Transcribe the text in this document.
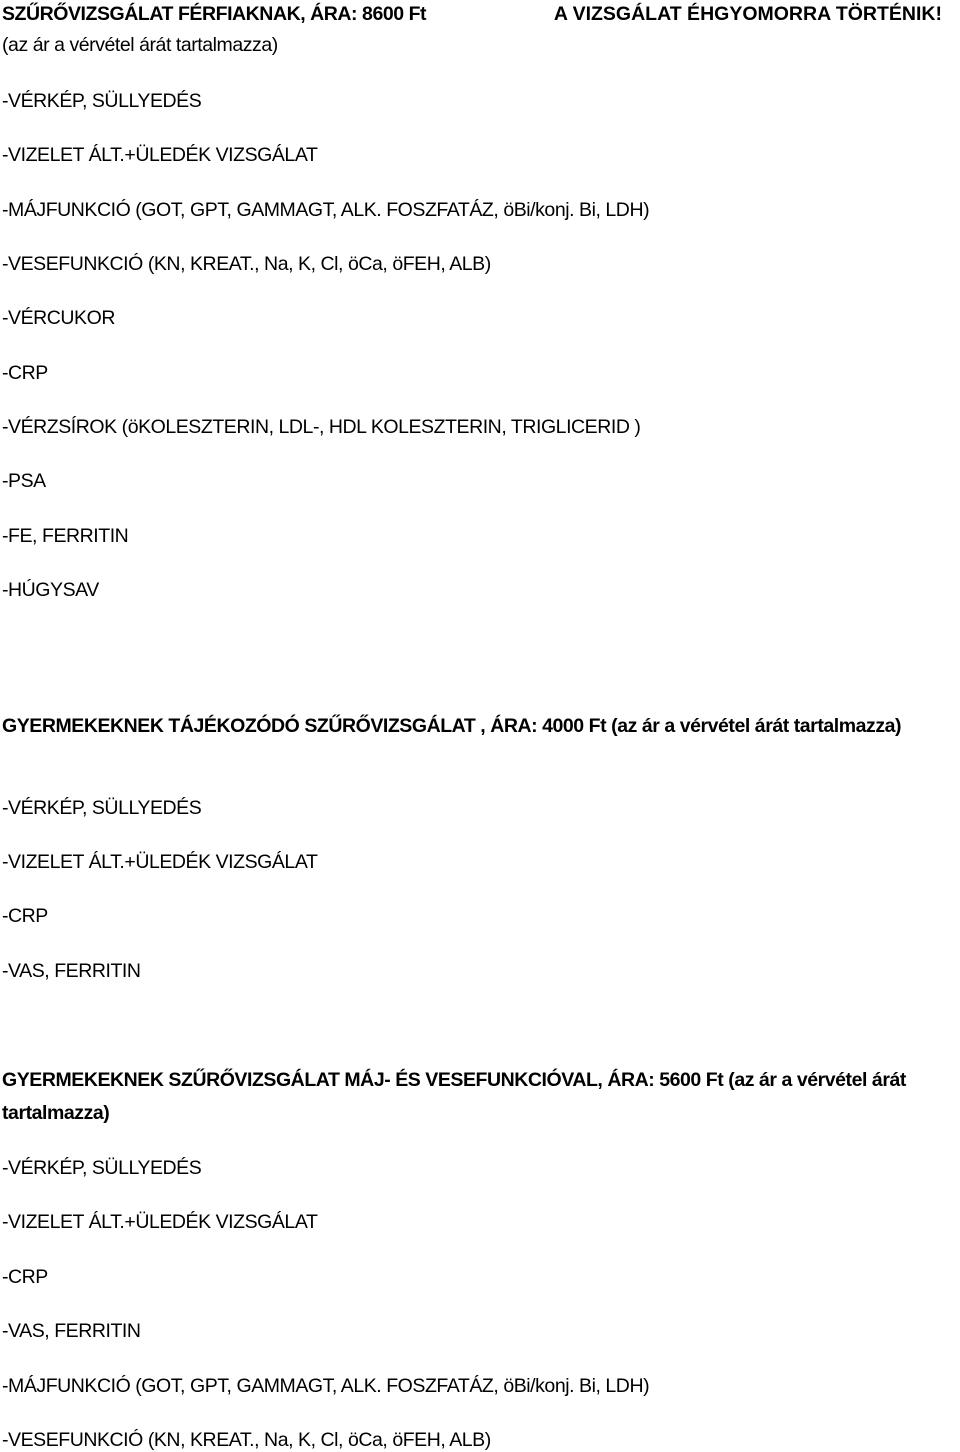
SZŰRŐVIZSGÁLAT FÉRFIAKNAK, ÁRA: 8600 Ft	A VIZSGÁLAT ÉHGYOMORRA TÖRTÉNIK!

(az ár a vérvétel árát tartalmazza)

-VÉRKÉP, SÜLLYEDÉS

-VIZELET ÁLT.+ÜLEDÉK VIZSGÁLAT

-MÁJFUNKCIÓ (GOT, GPT, GAMMAGT, ALK. FOSZFATÁZ, öBi/konj. Bi, LDH)

-VESEFUNKCIÓ (KN, KREAT., Na, K, Cl, öCa, öFEH, ALB)

-VÉRCUKOR

-CRP

-VÉRZSÍROK (öKOLESZTERIN, LDL-, HDL KOLESZTERIN, TRIGLICERID )

-PSA

-FE, FERRITIN

-HÚGYSAV

GYERMEKEKNEK TÁJÉKOZÓDÓ SZŰRŐVIZSGÁLAT , ÁRA: 4000 Ft (az ár a vérvétel árát tartalmazza)

-VÉRKÉP, SÜLLYEDÉS

-VIZELET ÁLT.+ÜLEDÉK VIZSGÁLAT

-CRP

-VAS, FERRITIN

GYERMEKEKNEK SZŰRŐVIZSGÁLAT MÁJ- ÉS VESEFUNKCIÓVAL, ÁRA: 5600 Ft (az ár a vérvétel árát

tartalmazza)

-VÉRKÉP, SÜLLYEDÉS

-VIZELET ÁLT.+ÜLEDÉK VIZSGÁLAT

-CRP

-VAS, FERRITIN

-MÁJFUNKCIÓ (GOT, GPT, GAMMAGT, ALK. FOSZFATÁZ, öBi/konj. Bi, LDH)

-VESEFUNKCIÓ (KN, KREAT., Na, K, Cl, öCa, öFEH, ALB)
